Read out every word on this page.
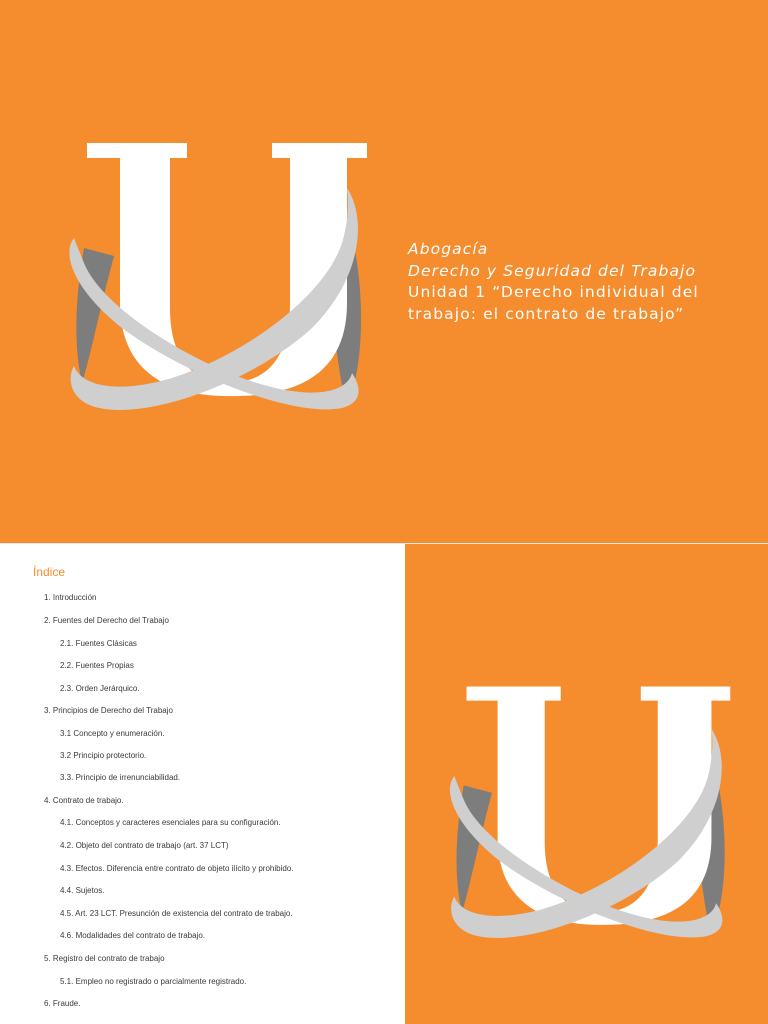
Abogacía
Derecho y Seguridad del Trabajo
Unidad 1 “Derecho individual del trabajo: el contrato de trabajo”
Índice
1. Introducción
2. Fuentes del Derecho del Trabajo
2.1. Fuentes Clásicas
2.2. Fuentes Propias
2.3. Orden Jerárquico.
3. Principios de Derecho del Trabajo
3.1 Concepto y enumeración.
3.2 Principio protectorio.
3.3. Principio de irrenunciabilidad.
4. Contrato de trabajo.
4.1. Conceptos y caracteres esenciales para su configuración.
4.2. Objeto del contrato de trabajo (art. 37 LCT)
4.3. Efectos. Diferencia entre contrato de objeto ilícito y prohibido.
4.4. Sujetos.
4.5. Art. 23 LCT. Presunción de existencia del contrato de trabajo.
4.6. Modalidades del contrato de trabajo.
5. Registro del contrato de trabajo
5.1. Empleo no registrado o parcialmente registrado.
6. Fraude.
